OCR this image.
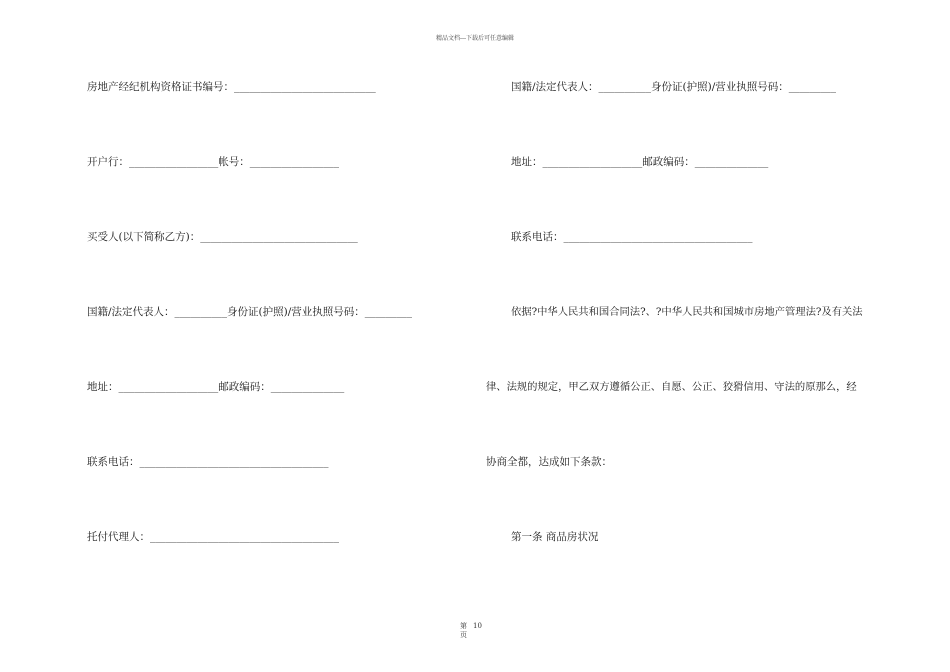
精品文档---下载后可任意编辑
房地产经纪机构资格证书编号：___________________________
开户行：_________________帐号：_________________
买受人(以下简称乙方)：______________________________
国籍/法定代表人：__________身份证(护照)/营业执照号码：_________
地址：___________________邮政编码：______________
联系电话：____________________________________
托付代理人：____________________________________
国籍/法定代表人：__________身份证(护照)/营业执照号码：_________
地址：___________________邮政编码：______________
联系电话：____________________________________
依据?中华人民共和国合同法?、?中华人民共和国城市房地产管理法?及有关法
律、法规的规定，甲乙双方遵循公正、自愿、公正、狡猾信用、守法的原那么，经
协商全都，达成如下条款：
第一条 商品房状况
第 10
页
